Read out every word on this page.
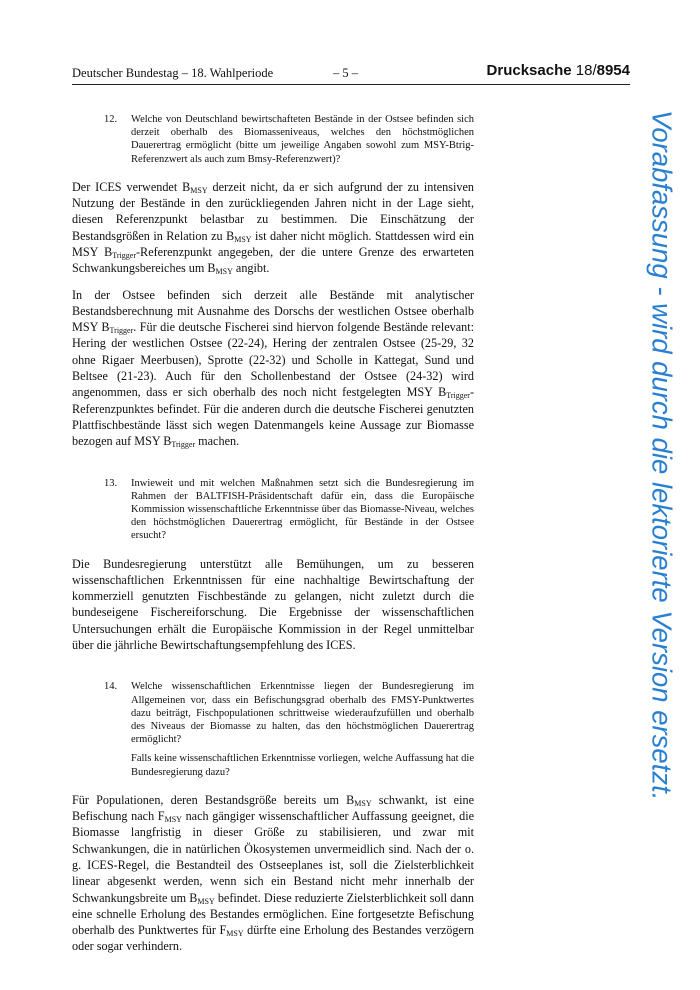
Deutscher Bundestag – 18. Wahlperiode	– 5 –	Drucksache 18/8954
12. Welche von Deutschland bewirtschafteten Bestände in der Ostsee befinden sich derzeit oberhalb des Biomasseniveaus, welches den höchstmöglichen Dauerertrag ermöglicht (bitte um jeweilige Angaben sowohl zum MSY-Btrig-Referenzwert als auch zum Bmsy-Referenzwert)?

Der ICES verwendet $B_{MSY}$ derzeit nicht, da er sich aufgrund der zu intensiven Nutzung der Bestände in den zurückliegenden Jahren nicht in der Lage sieht, diesen Referenzpunkt belastbar zu bestimmen. Die Einschätzung der Bestandsgrößen in Relation zu $B_{MSY}$ ist daher nicht möglich. Stattdessen wird ein MSY $B_{Trigger}$-Referenzpunkt angegeben, der die untere Grenze des erwarteten Schwankungsbereiches um $B_{MSY}$ angibt.

In der Ostsee befinden sich derzeit alle Bestände mit analytischer Bestandsberechnung mit Ausnahme des Dorschs der westlichen Ostsee oberhalb MSY $B_{Trigger}$. Für die deutsche Fischerei sind hiervon folgende Bestände relevant: Hering der westlichen Ostsee (22-24), Hering der zentralen Ostsee (25-29, 32 ohne Rigaer Meerbusen), Sprotte (22-32) und Scholle in Kattegat, Sund und Beltsee (21-23). Auch für den Schollenbestand der Ostsee (24-32) wird angenommen, dass er sich oberhalb des noch nicht festgelegten MSY $B_{Trigger}$-Referenzpunktes befindet. Für die anderen durch die deutsche Fischerei genutzten Plattfischbestände lässt sich wegen Datenmangels keine Aussage zur Biomasse bezogen auf MSY $B_{Trigger}$ machen.

13. Inwieweit und mit welchen Maßnahmen setzt sich die Bundesregierung im Rahmen der BALTFISH-Präsidentschaft dafür ein, dass die Europäische Kommission wissenschaftliche Erkenntnisse über das Biomasse-Niveau, welches den höchstmöglichen Dauerertrag ermöglicht, für Bestände in der Ostsee ersucht?

Die Bundesregierung unterstützt alle Bemühungen, um zu besseren wissenschaftlichen Erkenntnissen für eine nachhaltige Bewirtschaftung der kommerziell genutzten Fischbestände zu gelangen, nicht zuletzt durch die bundeseigene Fischereiforschung. Die Ergebnisse der wissenschaftlichen Untersuchungen erhält die Europäische Kommission in der Regel unmittelbar über die jährliche Bewirtschaftungsempfehlung des ICES.

14. Welche wissenschaftlichen Erkenntnisse liegen der Bundesregierung im Allgemeinen vor, dass ein Befischungsgrad oberhalb des FMSY-Punktwertes dazu beiträgt, Fischpopulationen schrittweise wiederaufzufüllen und oberhalb des Niveaus der Biomasse zu halten, das den höchstmöglichen Dauerertrag ermöglicht?

Falls keine wissenschaftlichen Erkenntnisse vorliegen, welche Auffassung hat die Bundesregierung dazu?

Für Populationen, deren Bestandsgröße bereits um $B_{MSY}$ schwankt, ist eine Befischung nach $F_{MSY}$ nach gängiger wissenschaftlicher Auffassung geeignet, die Biomasse langfristig in dieser Größe zu stabilisieren, und zwar mit Schwankungen, die in natürlichen Ökosystemen unvermeidlich sind. Nach der o. g. ICES-Regel, die Bestandteil des Ostseeplanes ist, soll die Zielsterblichkeit linear abgesenkt werden, wenn sich ein Bestand nicht mehr innerhalb der Schwankungsbreite um $B_{MSY}$ befindet. Diese reduzierte Zielsterblichkeit soll dann eine schnelle Erholung des Bestandes ermöglichen. Eine fortgesetzte Befischung oberhalb des Punktwertes für $F_{MSY}$ dürfte eine Erholung des Bestandes verzögern oder sogar verhindern.

Vorabfassung - wird durch die lektorierte Version ersetzt.
